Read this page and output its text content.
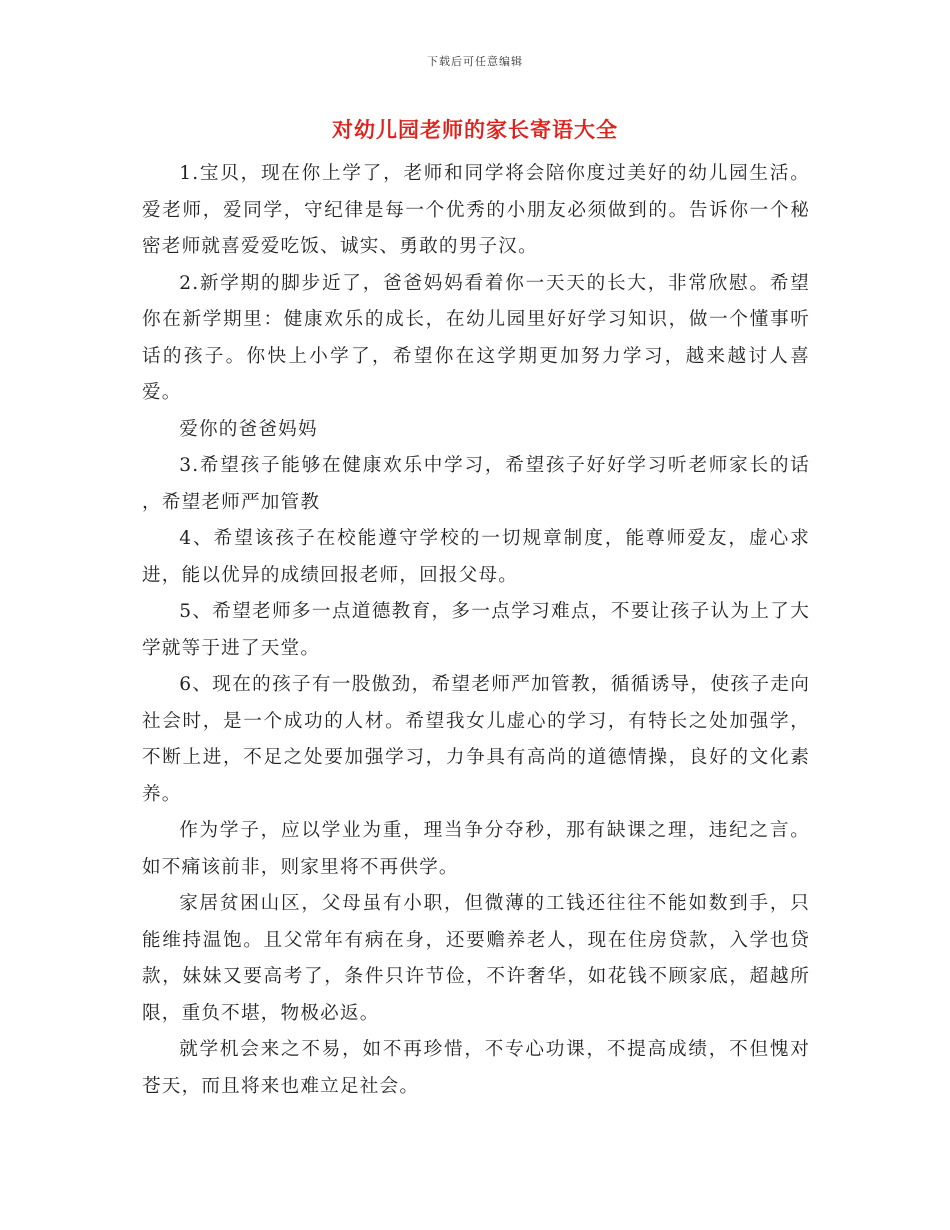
下载后可任意编辑
对幼儿园老师的家长寄语大全

1.宝贝，现在你上学了，老师和同学将会陪你度过美好的幼儿园生活。爱老师，爱同学，守纪律是每一个优秀的小朋友必须做到的。告诉你一个秘密老师就喜爱爱吃饭、诚实、勇敢的男子汉。

2.新学期的脚步近了，爸爸妈妈看着你一天天的长大，非常欣慰。希望你在新学期里：健康欢乐的成长，在幼儿园里好好学习知识，做一个懂事听话的孩子。你快上小学了，希望你在这学期更加努力学习，越来越讨人喜爱。

爱你的爸爸妈妈

3.希望孩子能够在健康欢乐中学习，希望孩子好好学习听老师家长的话 ，希望老师严加管教

4、希望该孩子在校能遵守学校的一切规章制度，能尊师爱友，虚心求进，能以优异的成绩回报老师，回报父母。

5、希望老师多一点道德教育，多一点学习难点，不要让孩子认为上了大学就等于进了天堂。

6、现在的孩子有一股傲劲，希望老师严加管教，循循诱导，使孩子走向社会时，是一个成功的人材。希望我女儿虚心的学习，有特长之处加强学，不断上进，不足之处要加强学习，力争具有高尚的道德情操，良好的文化素养。

作为学子，应以学业为重，理当争分夺秒，那有缺课之理，违纪之言。如不痛该前非，则家里将不再供学。

家居贫困山区，父母虽有小职，但微薄的工钱还往往不能如数到手，只能维持温饱。且父常年有病在身，还要赡养老人，现在住房贷款，入学也贷款，妹妹又要高考了，条件只许节俭，不许奢华，如花钱不顾家底，超越所限，重负不堪，物极必返。

就学机会来之不易，如不再珍惜，不专心功课，不提高成绩，不但愧对苍天，而且将来也难立足社会。
